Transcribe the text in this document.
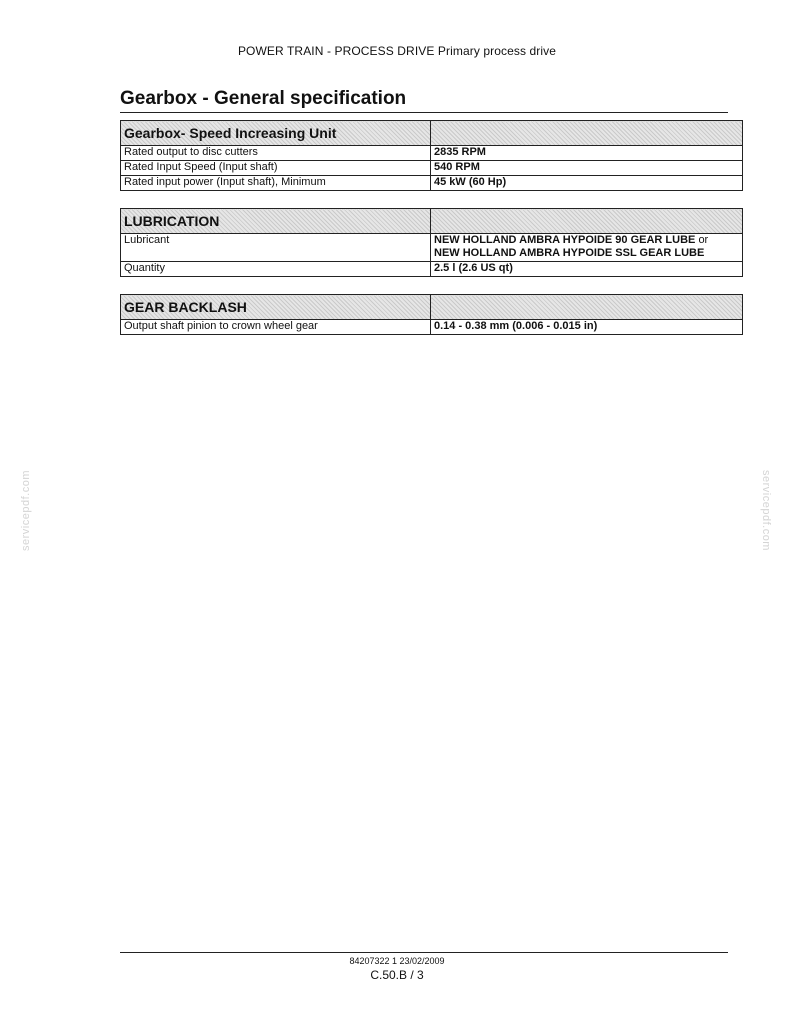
POWER TRAIN - PROCESS DRIVE Primary process drive
Gearbox - General specification
Gearbox- Speed Increasing Unit	
Rated output to disc cutters	2835 RPM
Rated Input Speed (Input shaft)	540 RPM
Rated input power (Input shaft), Minimum	45 kW (60 Hp)
LUBRICATION	
Lubricant	NEW HOLLAND AMBRA HYPOIDE 90 GEAR LUBE or
NEW HOLLAND AMBRA HYPOIDE SSL GEAR LUBE

Quantity	2.5 l (2.6 US qt)
GEAR BACKLASH	
Output shaft pinion to crown wheel gear	0.14 - 0.38 mm (0.006 - 0.015 in)
servicepdf.com	servicepdf.com
84207322 1 23/02/2009
C.50.B / 3
